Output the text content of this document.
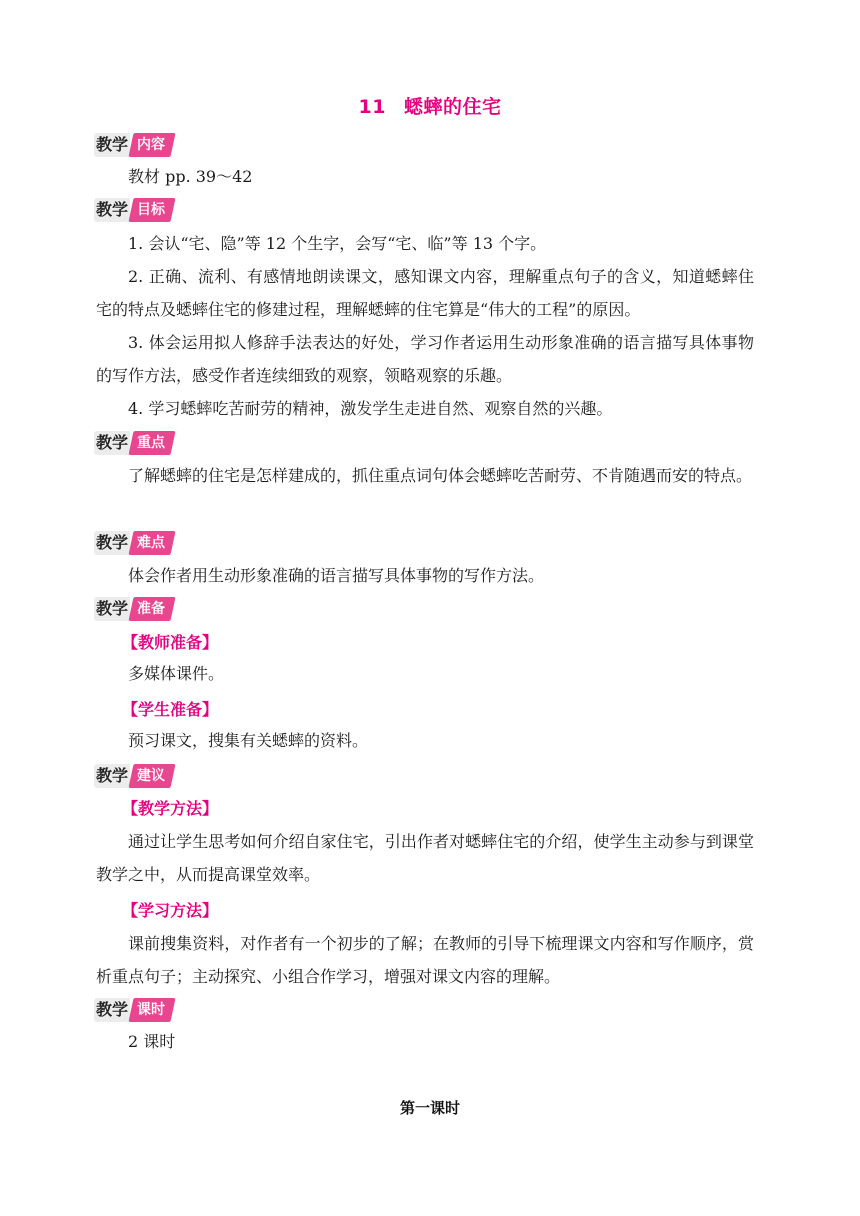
11 蟋蟀的住宅
教学 内容
教材 pp. 39～42
教学 目标
1. 会认“宅、隐”等 12 个生字，会写“宅、临”等 13 个字。
2. 正确、流利、有感情地朗读课文，感知课文内容，理解重点句子的含义，知道蟋蟀住宅的特点及蟋蟀住宅的修建过程，理解蟋蟀的住宅算是“伟大的工程”的原因。
3. 体会运用拟人修辞手法表达的好处，学习作者运用生动形象准确的语言描写具体事物的写作方法，感受作者连续细致的观察，领略观察的乐趣。
4. 学习蟋蟀吃苦耐劳的精神，激发学生走进自然、观察自然的兴趣。
教学 重点
了解蟋蟀的住宅是怎样建成的，抓住重点词句体会蟋蟀吃苦耐劳、不肯随遇而安的特点。
教学 难点
体会作者用生动形象准确的语言描写具体事物的写作方法。
教学 准备
【教师准备】
多媒体课件。
【学生准备】
预习课文，搜集有关蟋蟀的资料。
教学 建议
【教学方法】
通过让学生思考如何介绍自家住宅，引出作者对蟋蟀住宅的介绍，使学生主动参与到课堂教学之中，从而提高课堂效率。
【学习方法】
课前搜集资料，对作者有一个初步的了解；在教师的引导下梳理课文内容和写作顺序，赏析重点句子；主动探究、小组合作学习，增强对课文内容的理解。
教学 课时
2 课时
第一课时
